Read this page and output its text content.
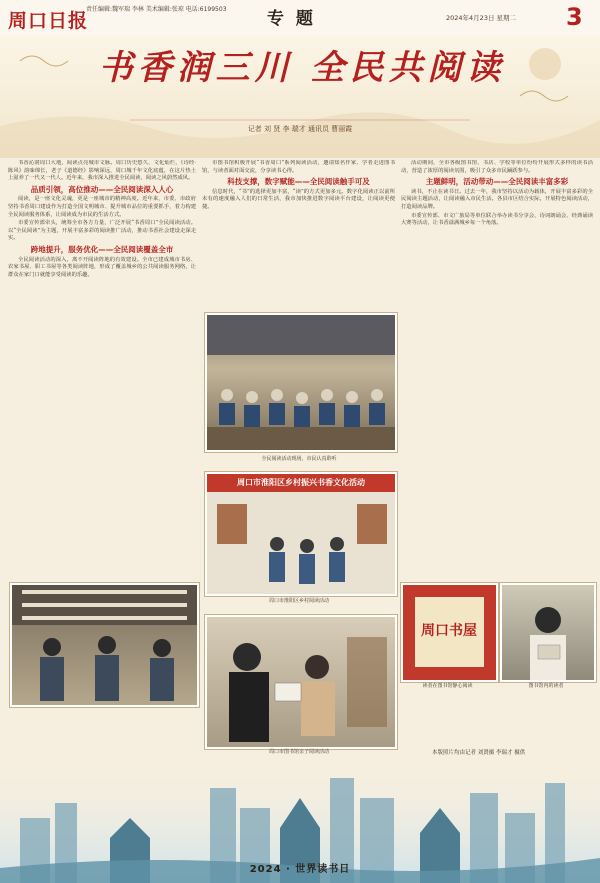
周口日报
责任编辑:魏军瑞 李林 美术编辑:张琼 电话:6199503	专 题	2024年4月23日 星期二 3
书香润三川 全民共阅读
记者 刘 贤 李 瑞才 通讯员 曹丽霞

书香沁润周口大地，阅读点亮城市文脉。周口历史悠久、文化灿烂，《诗经·陈风》韵味绵长，老子《道德经》影响深远，周口城千年文化底蕴，在这片热土上滋养了一代又一代人。近年来，我市深入推进全民阅读，阅读之风蔚然成风。

品质引领，高位推动——全民阅读深入人心

阅读，是一座文化灵魂，更是一座城市的精神高度。近年来，市委、市政府坚持书香周口建设作为打造全国文明城市、提升城市品位的重要抓手，着力构建全民阅读服务体系，让阅读成为市民的生活方式。

市委宣传部牵头，统筹全市各方力量，广泛开展“书香周口”全民阅读活动。以“全民阅读”为主题，开展丰富多彩的阅读推广活动，推动书香社会建设走深走实。

跨地提升，服务优化——全民阅读覆盖全市

全民阅读活动的深入，离不开阅读阵地的有效建设。全市已建成城市书房、农家书屋、职工书屋等各类阅读阵地，形成了覆盖城乡的公共阅读服务网络，让群众在家门口就能享受阅读的乐趣。

市图书馆积极开展“书香周口”系列阅读活动，邀请知名作家、学者走进图书馆，与读者面对面交流，分享读书心得。

科技支撑，数字赋能——全民阅读触手可及

信息时代，“书”的选择更加丰富，“读”的方式更加多元。数字化阅读正以前所未有的速度融入人们的日常生活，我市加快推进数字阅读平台建设，让阅读更便捷。

活动期间，全市各级图书馆、书店、学校等单位纷纷开展形式多样的读书活动，营造了浓厚的阅读氛围，吸引了众多市民踊跃参与。

主题鲜明，活动带动——全民阅读丰富多彩

读书，不止在读书日。过去一年，我市坚持以活动为载体，开展丰富多彩的全民阅读主题活动，让阅读融入市民生活。各县市区结合实际，开展特色阅读活动，打造阅读品牌。

市委宣传部、市文广旅局等单位联合举办读书分享会、诗词朗诵会、经典诵读大赛等活动，让书香溢满城乡每一个角落。

全民阅读活动现场，市民认真聆听
周口市淮阳区乡村振兴书香文化活动
周口市淮阳区乡村阅读活动
周口市图书馆亲子阅读活动
周口书屋
读者在图书馆静心阅读	图书馆内的读者
本版照片均由记者 刘贤摄 李瑞才 摄供
2024 · 世界读书日
